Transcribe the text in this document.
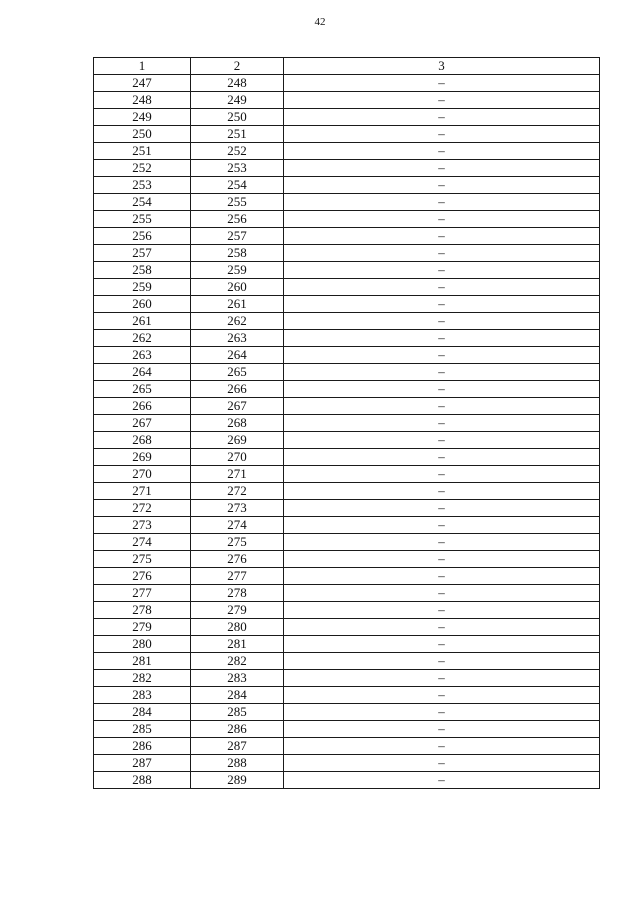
42
1	2	3
247	248	–
248	249	–
249	250	–
250	251	–
251	252	–
252	253	–
253	254	–
254	255	–
255	256	–
256	257	–
257	258	–
258	259	–
259	260	–
260	261	–
261	262	–
262	263	–
263	264	–
264	265	–
265	266	–
266	267	–
267	268	–
268	269	–
269	270	–
270	271	–
271	272	–
272	273	–
273	274	–
274	275	–
275	276	–
276	277	–
277	278	–
278	279	–
279	280	–
280	281	–
281	282	–
282	283	–
283	284	–
284	285	–
285	286	–
286	287	–
287	288	–
288	289	–
